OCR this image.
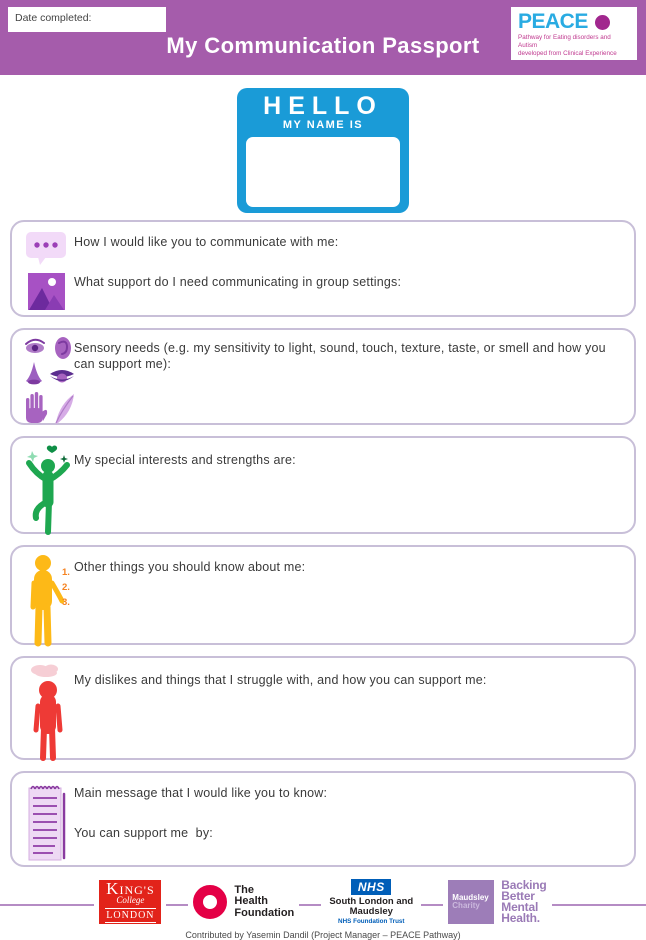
Date completed:
My Communication Passport
PEACE
Pathway for Eating disorders and Autism
developed from Clinical Experience
HELLO
MY NAME IS
How I would like you to communicate with me:
What support do I need communicating in group settings:
Sensory needs (e.g. my sensitivity to light, sound, touch, texture, taste, or smell and how you can support me):
My special interests and strengths are:
1.
2.
3.
Other things you should know about me:
My dislikes and things that I struggle with, and how you can support me:
Main message that I would like you to know:
You can support me  by:
KING'S
College
LONDON
The
Health
Foundation
NHS
South London and Maudsley
NHS Foundation Trust
Maudsley
Charity
Backing
Better
Mental
Health.
Contributed by Yasemin Dandil (Project Manager – PEACE Pathway)
